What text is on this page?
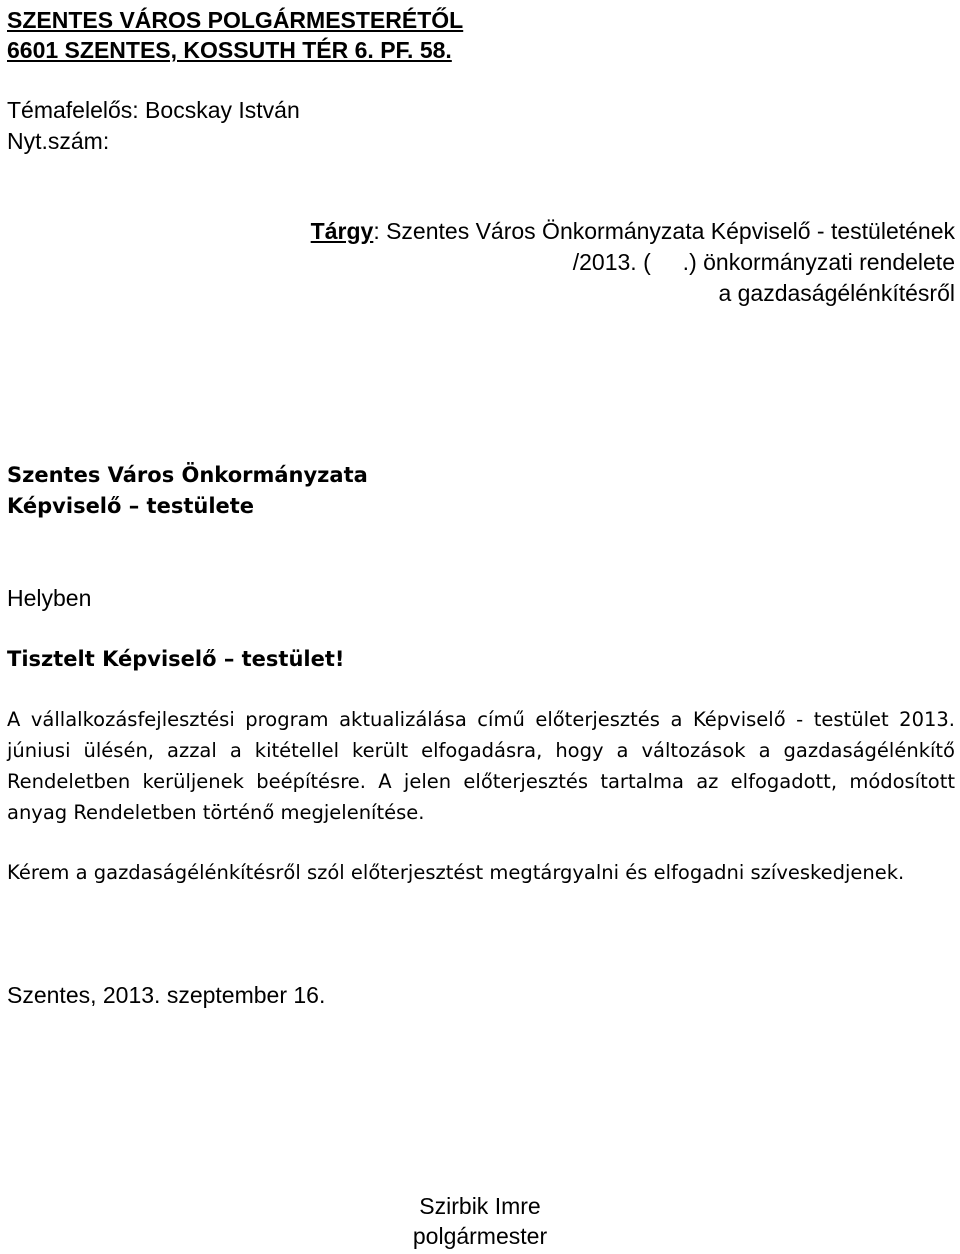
SZENTES VÁROS POLGÁRMESTERÉTŐL
6601 SZENTES, KOSSUTH TÉR 6. PF. 58.
Témafelelős: Bocskay István
Nyt.szám:
Tárgy: Szentes Város Önkormányzata Képviselő - testületének
/2013. (     .) önkormányzati rendelete
a gazdaságélénkítésről
Szentes Város Önkormányzata
Képviselő – testülete
Helyben
Tisztelt Képviselő – testület!
A vállalkozásfejlesztési program aktualizálása című előterjesztés a Képviselő - testület 2013. júniusi ülésén, azzal a kitétellel került elfogadásra, hogy a változások a gazdaságélénkítő Rendeletben kerüljenek beépítésre. A jelen előterjesztés tartalma az elfogadott, módosított anyag Rendeletben történő megjelenítése.
Kérem a gazdaságélénkítésről szól előterjesztést megtárgyalni és elfogadni szíveskedjenek.
Szentes, 2013. szeptember 16.
Szirbik Imre
polgármester
